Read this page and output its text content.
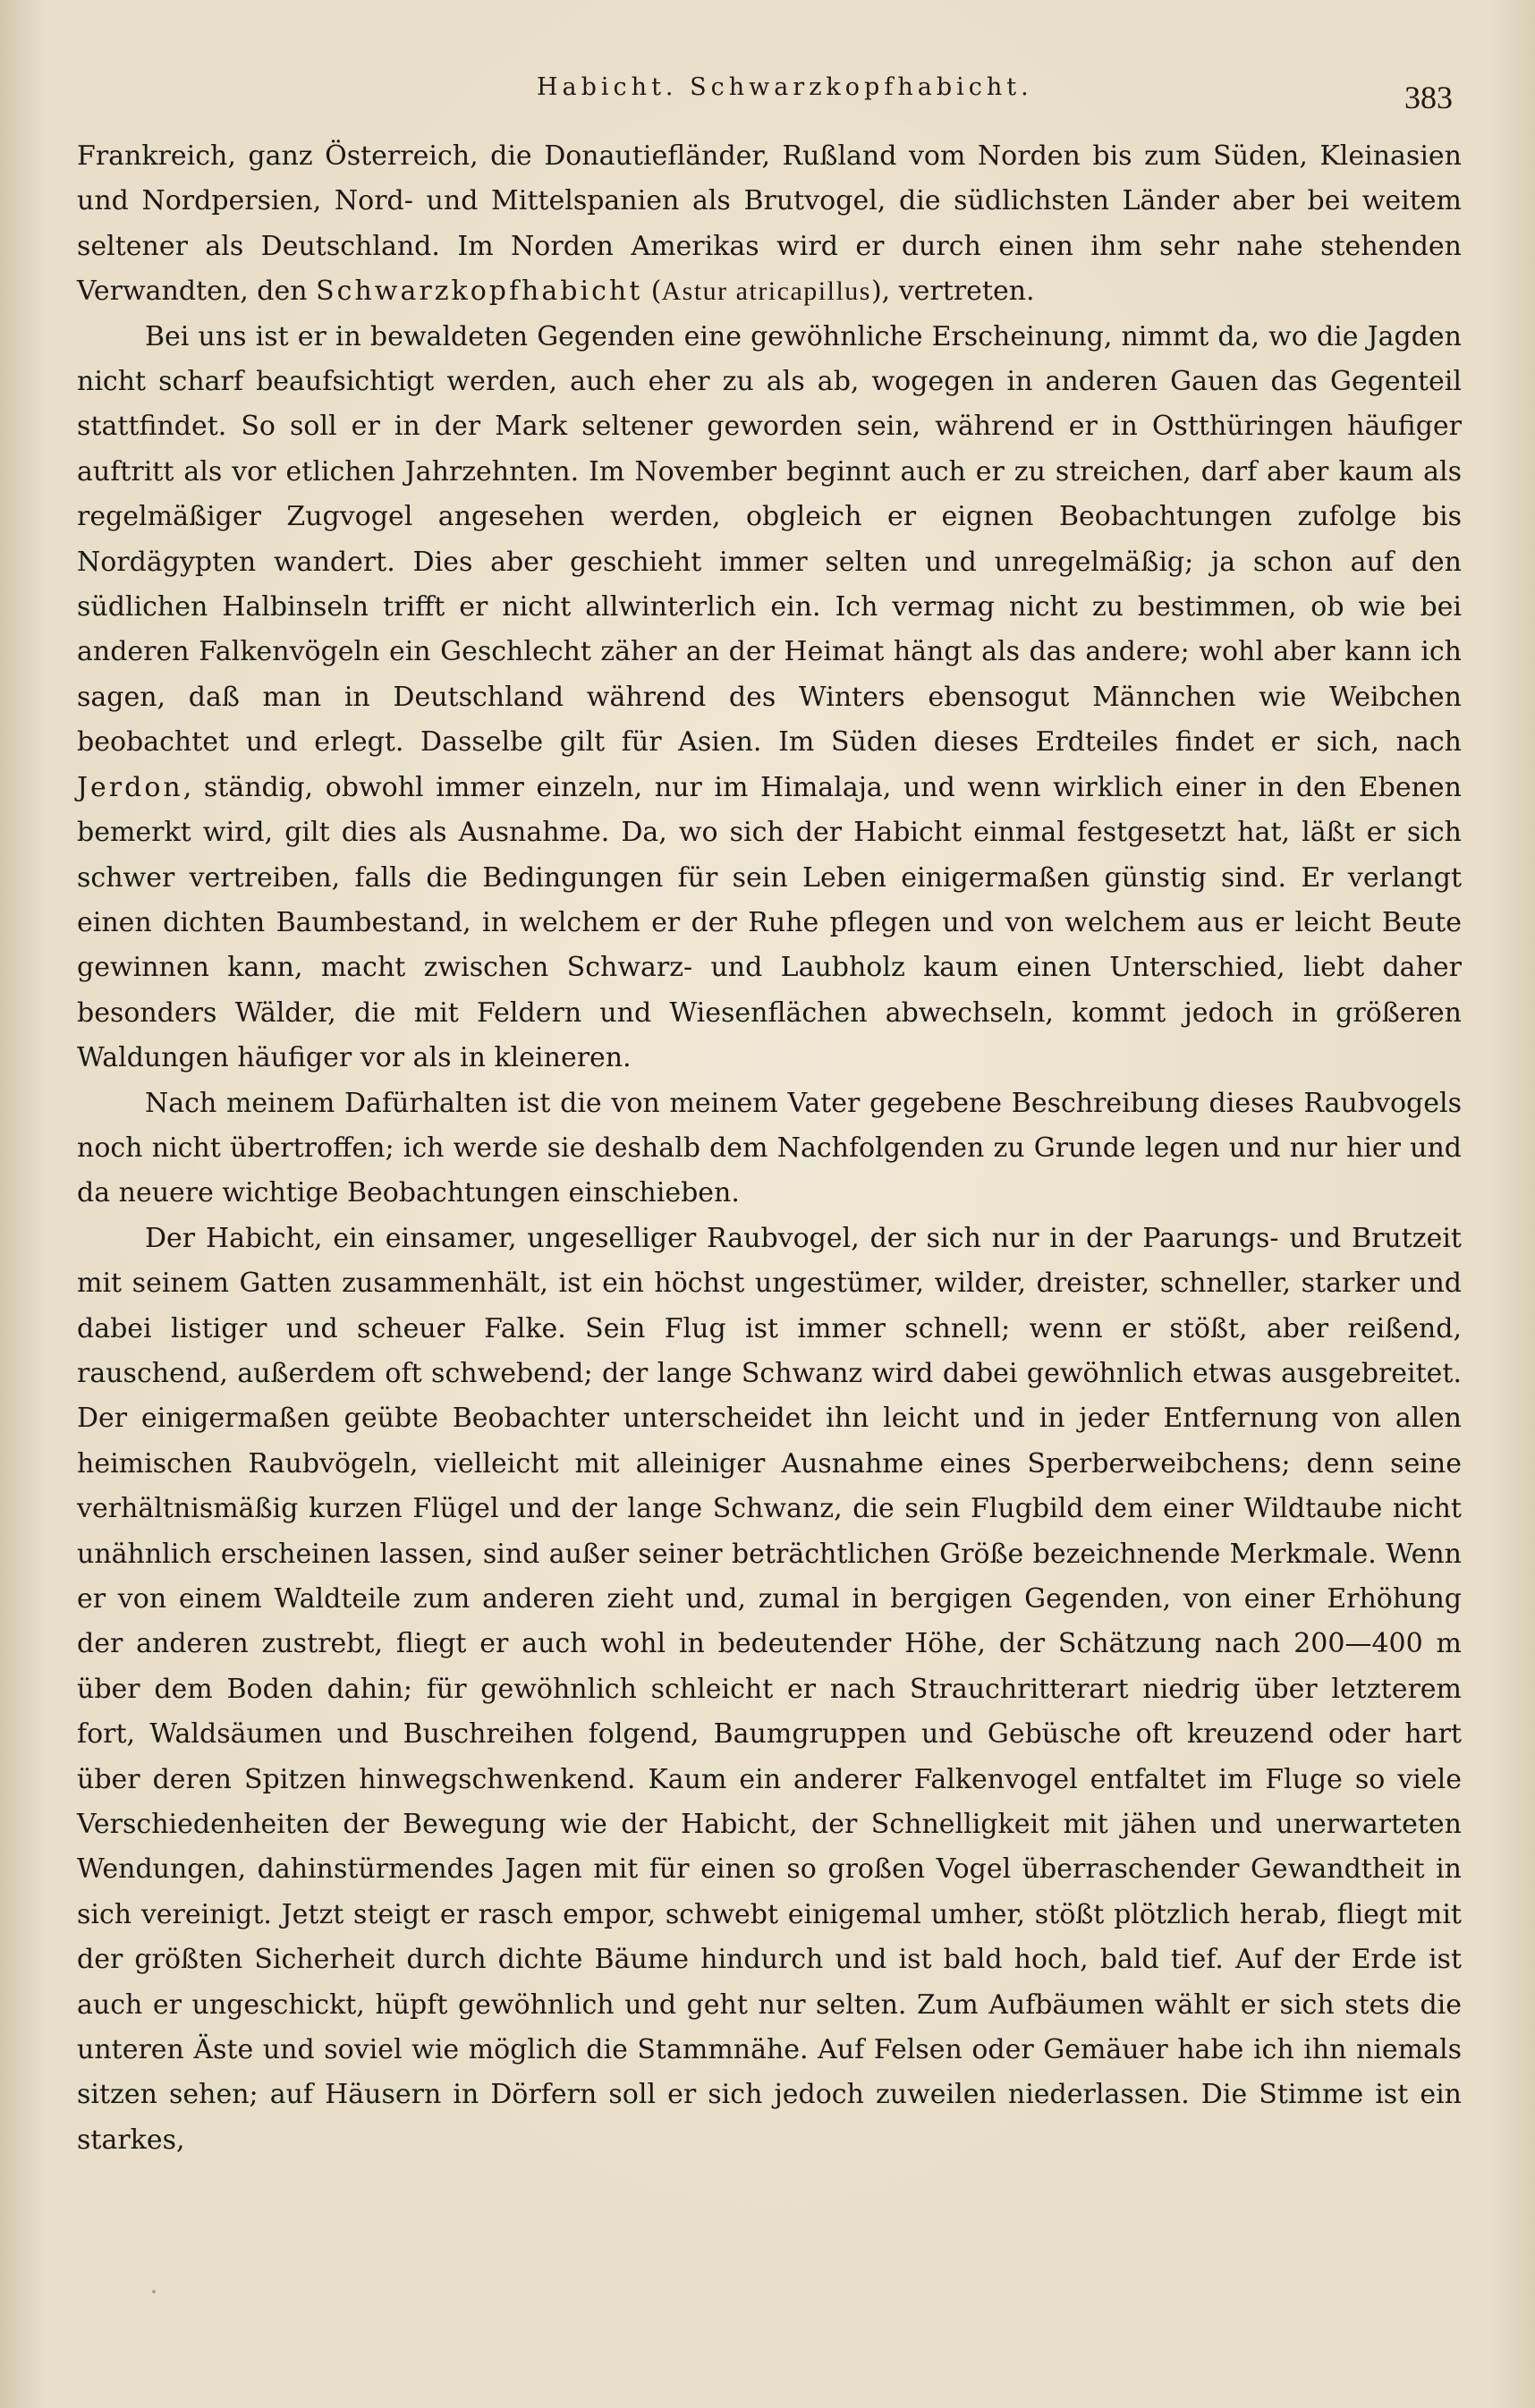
Habicht. Schwarzkopfhabicht.	383

Frankreich, ganz Österreich, die Donautiefländer, Rußland vom Norden bis zum Süden, Kleinasien und Nordpersien, Nord- und Mittelspanien als Brutvogel, die südlichsten Länder aber bei weitem seltener als Deutschland. Im Norden Amerikas wird er durch einen ihm sehr nahe stehenden Verwandten, den Schwarzkopfhabicht (Astur atricapillus), vertreten.

Bei uns ist er in bewaldeten Gegenden eine gewöhnliche Erscheinung, nimmt da, wo die Jagden nicht scharf beaufsichtigt werden, auch eher zu als ab, wogegen in anderen Gauen das Gegenteil stattfindet. So soll er in der Mark seltener geworden sein, während er in Ostthüringen häufiger auftritt als vor etlichen Jahrzehnten. Im November beginnt auch er zu streichen, darf aber kaum als regelmäßiger Zugvogel angesehen werden, obgleich er eignen Beobachtungen zufolge bis Nordägypten wandert. Dies aber geschieht immer selten und unregelmäßig; ja schon auf den südlichen Halbinseln trifft er nicht allwinterlich ein. Ich vermag nicht zu bestimmen, ob wie bei anderen Falkenvögeln ein Geschlecht zäher an der Heimat hängt als das andere; wohl aber kann ich sagen, daß man in Deutschland während des Winters ebensogut Männchen wie Weibchen beobachtet und erlegt. Dasselbe gilt für Asien. Im Süden dieses Erdteiles findet er sich, nach Jerdon, ständig, obwohl immer einzeln, nur im Himalaja, und wenn wirklich einer in den Ebenen bemerkt wird, gilt dies als Ausnahme. Da, wo sich der Habicht einmal festgesetzt hat, läßt er sich schwer vertreiben, falls die Bedingungen für sein Leben einigermaßen günstig sind. Er verlangt einen dichten Baumbestand, in welchem er der Ruhe pflegen und von welchem aus er leicht Beute gewinnen kann, macht zwischen Schwarz- und Laubholz kaum einen Unterschied, liebt daher besonders Wälder, die mit Feldern und Wiesenflächen abwechseln, kommt jedoch in größeren Waldungen häufiger vor als in kleineren.

Nach meinem Dafürhalten ist die von meinem Vater gegebene Beschreibung dieses Raubvogels noch nicht übertroffen; ich werde sie deshalb dem Nachfolgenden zu Grunde legen und nur hier und da neuere wichtige Beobachtungen einschieben.

Der Habicht, ein einsamer, ungeselliger Raubvogel, der sich nur in der Paarungs- und Brutzeit mit seinem Gatten zusammenhält, ist ein höchst ungestümer, wilder, dreister, schneller, starker und dabei listiger und scheuer Falke. Sein Flug ist immer schnell; wenn er stößt, aber reißend, rauschend, außerdem oft schwebend; der lange Schwanz wird dabei gewöhnlich etwas ausgebreitet. Der einigermaßen geübte Beobachter unterscheidet ihn leicht und in jeder Entfernung von allen heimischen Raubvögeln, vielleicht mit alleiniger Ausnahme eines Sperberweibchens; denn seine verhältnismäßig kurzen Flügel und der lange Schwanz, die sein Flugbild dem einer Wildtaube nicht unähnlich erscheinen lassen, sind außer seiner beträchtlichen Größe bezeichnende Merkmale. Wenn er von einem Waldteile zum anderen zieht und, zumal in bergigen Gegenden, von einer Erhöhung der anderen zustrebt, fliegt er auch wohl in bedeutender Höhe, der Schätzung nach 200—400 m über dem Boden dahin; für gewöhnlich schleicht er nach Strauchritterart niedrig über letzterem fort, Waldsäumen und Buschreihen folgend, Baumgruppen und Gebüsche oft kreuzend oder hart über deren Spitzen hinwegschwenkend. Kaum ein anderer Falkenvogel entfaltet im Fluge so viele Verschiedenheiten der Bewegung wie der Habicht, der Schnelligkeit mit jähen und unerwarteten Wendungen, dahinstürmendes Jagen mit für einen so großen Vogel überraschender Gewandtheit in sich vereinigt. Jetzt steigt er rasch empor, schwebt einigemal umher, stößt plötzlich herab, fliegt mit der größten Sicherheit durch dichte Bäume hindurch und ist bald hoch, bald tief. Auf der Erde ist auch er ungeschickt, hüpft gewöhnlich und geht nur selten. Zum Aufbäumen wählt er sich stets die unteren Äste und soviel wie möglich die Stammnähe. Auf Felsen oder Gemäuer habe ich ihn niemals sitzen sehen; auf Häusern in Dörfern soll er sich jedoch zuweilen niederlassen. Die Stimme ist ein starkes,
